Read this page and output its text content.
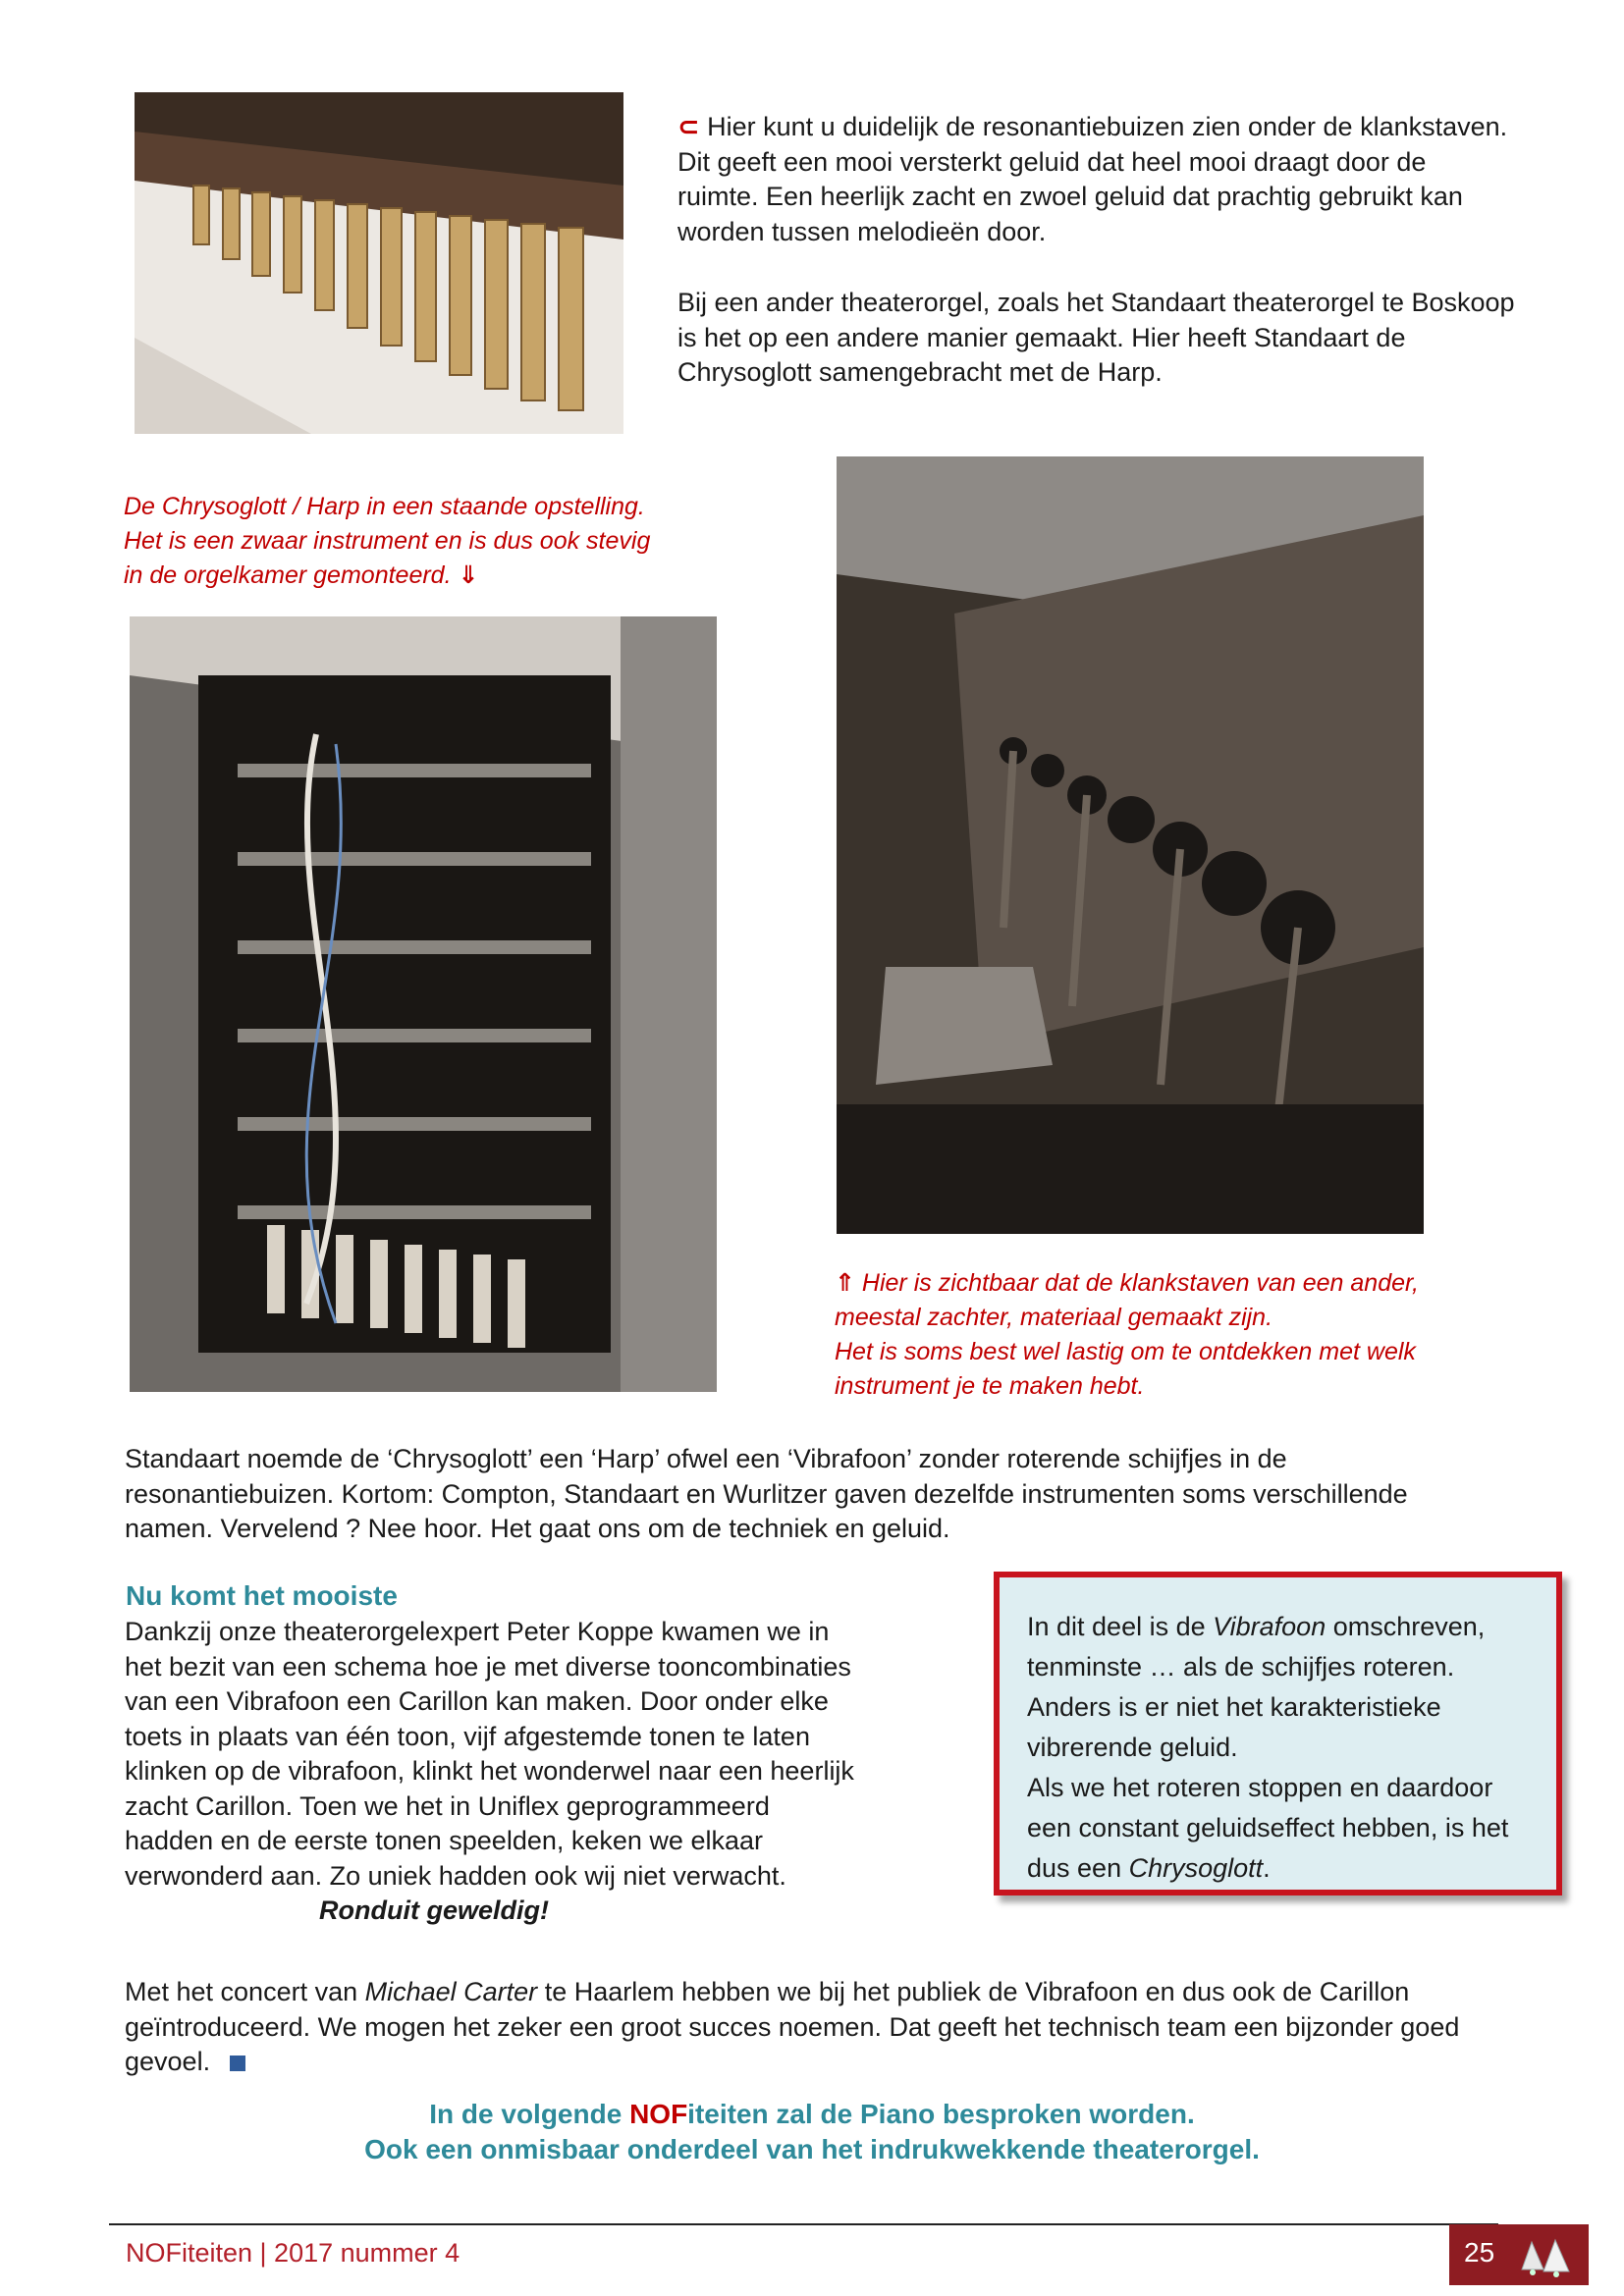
⊂ Hier kunt u duidelijk de resonantiebuizen zien onder de klankstaven.
Dit geeft een mooi versterkt geluid dat heel mooi draagt door de
ruimte. Een heerlijk zacht en zwoel geluid dat prachtig gebruikt kan
worden tussen melodieën door.
Bij een ander theaterorgel, zoals het Standaart theaterorgel te Boskoop
is het op een andere manier gemaakt. Hier heeft Standaart de
Chrysoglott samengebracht met de Harp.
De Chrysoglott / Harp in een staande opstelling.
Het is een zwaar instrument en is dus ook stevig
in de orgelkamer gemonteerd. ⇓
⇑ Hier is zichtbaar dat de klankstaven van een ander,
meestal zachter, materiaal gemaakt zijn.
Het is soms best wel lastig om te ontdekken met welk
instrument je te maken hebt.
Standaart noemde de ‘Chrysoglott’ een ‘Harp’ ofwel een ‘Vibrafoon’ zonder roterende schijfjes in de
resonantiebuizen. Kortom: Compton, Standaart en Wurlitzer gaven dezelfde instrumenten soms verschillende
namen. Vervelend ? Nee hoor. Het gaat ons om de techniek en geluid.
Nu komt het mooiste
Dankzij onze theaterorgelexpert Peter Koppe kwamen we in
het bezit van een schema hoe je met diverse tooncombinaties
van een Vibrafoon een Carillon kan maken. Door onder elke
toets in plaats van één toon, vijf afgestemde tonen te laten
klinken op de vibrafoon, klinkt het wonderwel naar een heerlijk
zacht Carillon. Toen we het in Uniflex geprogrammeerd
hadden en de eerste tonen speelden, keken we elkaar
verwonderd aan. Zo uniek hadden ook wij niet verwacht.
Ronduit geweldig!
In dit deel is de Vibrafoon omschreven,
tenminste … als de schijfjes roteren.
Anders is er niet het karakteristieke
vibrerende geluid.
Als we het roteren stoppen en daardoor
een constant geluidseffect hebben, is het
dus een Chrysoglott.
Met het concert van Michael Carter te Haarlem hebben we bij het publiek de Vibrafoon en dus ook de Carillon
geïntroduceerd. We mogen het zeker een groot succes noemen. Dat geeft het technisch team een bijzonder goed
gevoel.
In de volgende NOFiteiten zal de Piano besproken worden.
Ook een onmisbaar onderdeel van het indrukwekkende theaterorgel.
NOFiteiten | 2017 nummer 4	25
